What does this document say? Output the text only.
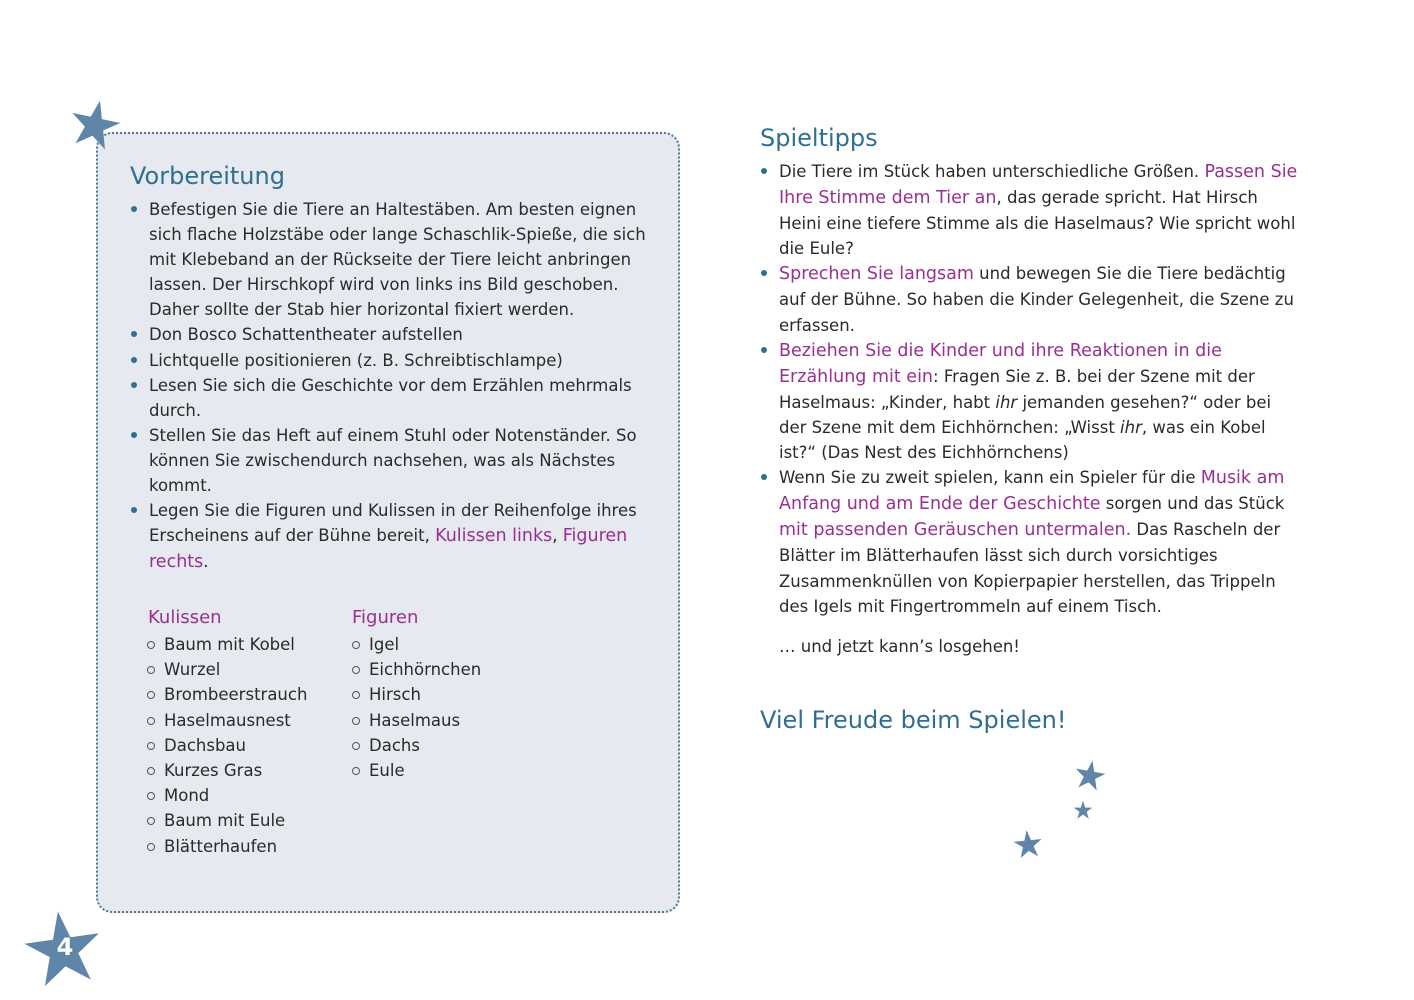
Vorbereitung
Befestigen Sie die Tiere an Haltestäben. Am besten eignen sich flache Holzstäbe oder lange Schaschlik-Spieße, die sich mit Klebeband an der Rückseite der Tiere leicht anbringen lassen. Der Hirschkopf wird von links ins Bild geschoben. Daher sollte der Stab hier horizontal fixiert werden.
Don Bosco Schattentheater aufstellen
Lichtquelle positionieren (z. B. Schreibtischlampe)
Lesen Sie sich die Geschichte vor dem Erzählen mehrmals durch.
Stellen Sie das Heft auf einem Stuhl oder Notenständer. So können Sie zwischendurch nachsehen, was als Nächstes kommt.
Legen Sie die Figuren und Kulissen in der Reihenfolge ihres Erscheinens auf der Bühne bereit, Kulissen links, Figuren rechts.
Kulissen
Baum mit Kobel
Wurzel
Brombeerstrauch
Haselmausnest
Dachsbau
Kurzes Gras
Mond
Baum mit Eule
Blätterhaufen
Figuren
Igel
Eichhörnchen
Hirsch
Haselmaus
Dachs
Eule
Spieltipps
Die Tiere im Stück haben unterschiedliche Größen. Passen Sie Ihre Stimme dem Tier an, das gerade spricht. Hat Hirsch Heini eine tiefere Stimme als die Haselmaus? Wie spricht wohl die Eule?
Sprechen Sie langsam und bewegen Sie die Tiere bedächtig auf der Bühne. So haben die Kinder Gelegenheit, die Szene zu erfassen.
Beziehen Sie die Kinder und ihre Reaktionen in die Erzählung mit ein: Fragen Sie z. B. bei der Szene mit der Haselmaus: „Kinder, habt ihr jemanden gesehen?“ oder bei der Szene mit dem Eichhörnchen: „Wisst ihr, was ein Kobel ist?“ (Das Nest des Eichhörnchens)
Wenn Sie zu zweit spielen, kann ein Spieler für die Musik am Anfang und am Ende der Geschichte sorgen und das Stück mit passenden Geräuschen untermalen. Das Rascheln der Blätter im Blätterhaufen lässt sich durch vorsichtiges Zusammenknüllen von Kopierpapier herstellen, das Trippeln des Igels mit Fingertrommeln auf einem Tisch.

… und jetzt kann’s losgehen!

Viel Freude beim Spielen!
4
